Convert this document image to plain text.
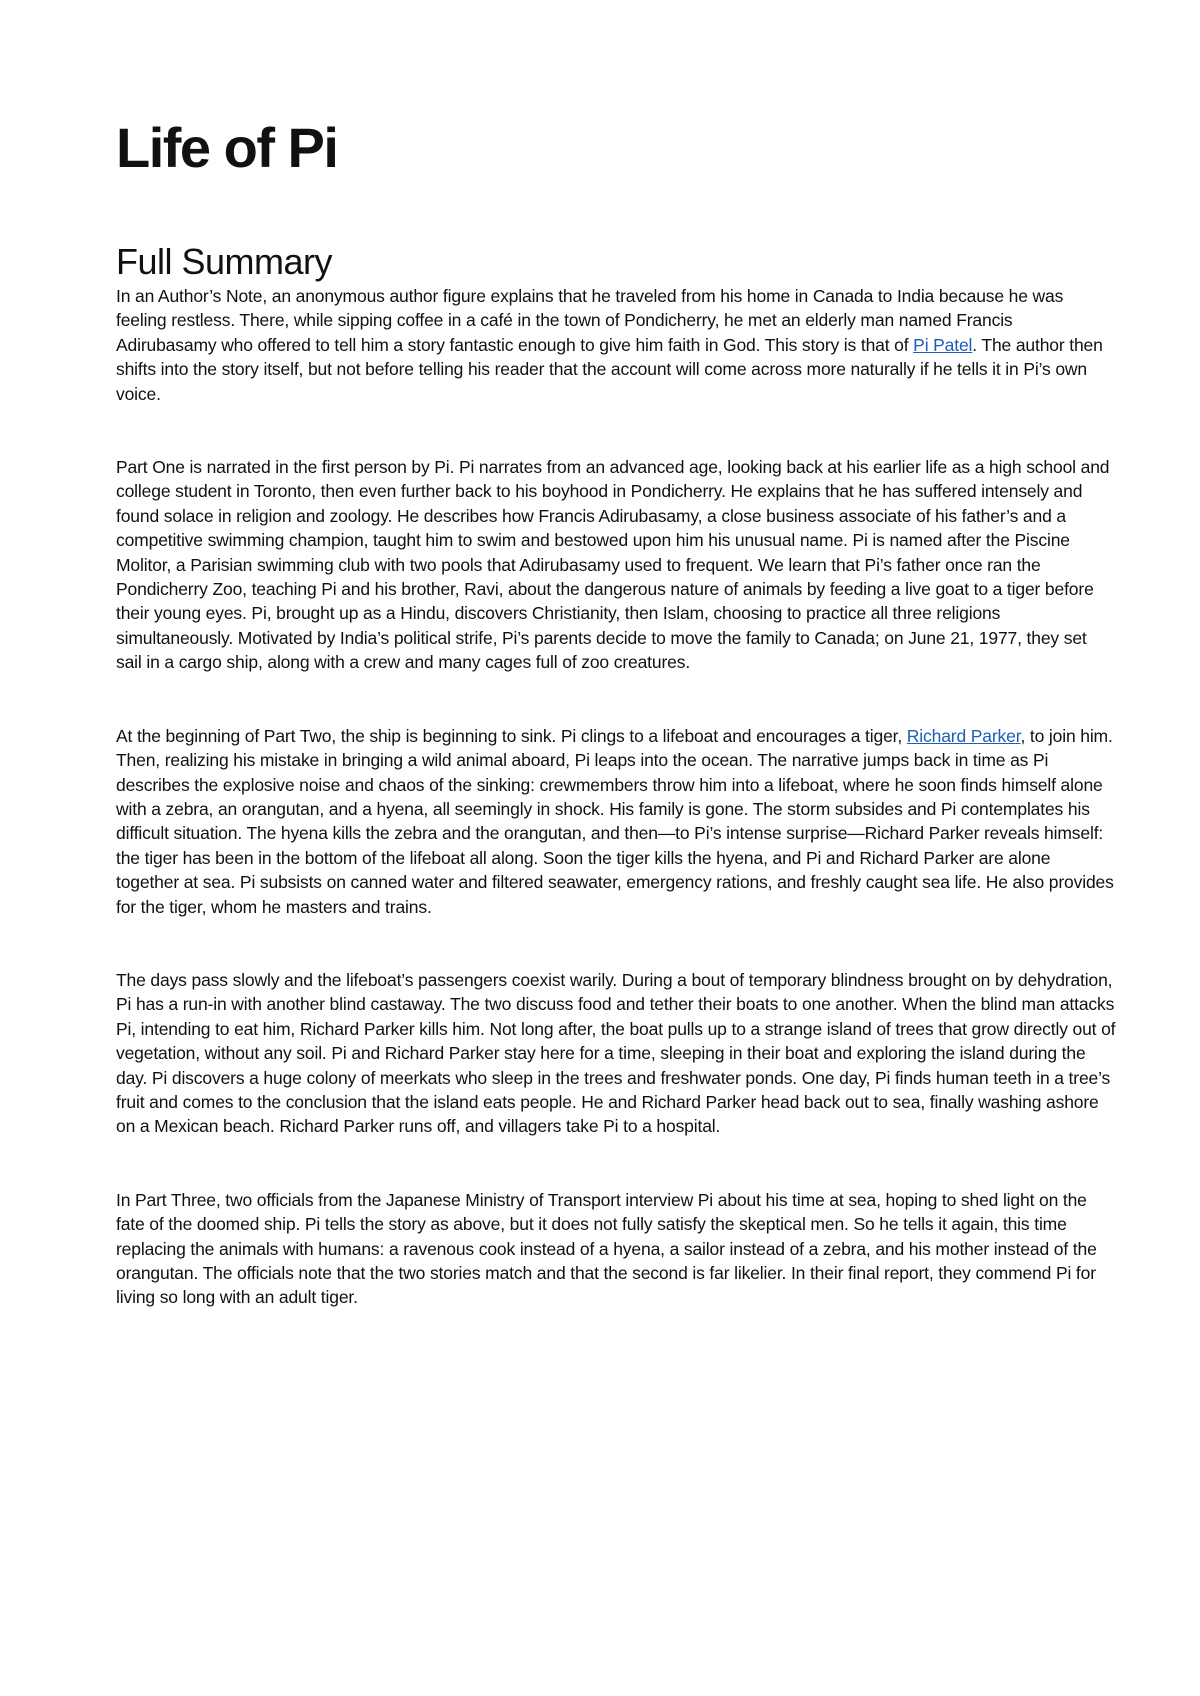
Life of Pi
Full Summary

In an Author’s Note, an anonymous author figure explains that he traveled from his home in Canada to India because he was feeling restless. There, while sipping coffee in a café in the town of Pondicherry, he met an elderly man named Francis Adirubasamy who offered to tell him a story fantastic enough to give him faith in God. This story is that of Pi Patel. The author then shifts into the story itself, but not before telling his reader that the account will come across more naturally if he tells it in Pi’s own voice.

Part One is narrated in the first person by Pi. Pi narrates from an advanced age, looking back at his earlier life as a high school and college student in Toronto, then even further back to his boyhood in Pondicherry. He explains that he has suffered intensely and found solace in religion and zoology. He describes how Francis Adirubasamy, a close business associate of his father’s and a competitive swimming champion, taught him to swim and bestowed upon him his unusual name. Pi is named after the Piscine Molitor, a Parisian swimming club with two pools that Adirubasamy used to frequent. We learn that Pi’s father once ran the Pondicherry Zoo, teaching Pi and his brother, Ravi, about the dangerous nature of animals by feeding a live goat to a tiger before their young eyes. Pi, brought up as a Hindu, discovers Christianity, then Islam, choosing to practice all three religions simultaneously. Motivated by India’s political strife, Pi’s parents decide to move the family to Canada; on June 21, 1977, they set sail in a cargo ship, along with a crew and many cages full of zoo creatures.

At the beginning of Part Two, the ship is beginning to sink. Pi clings to a lifeboat and encourages a tiger, Richard Parker, to join him. Then, realizing his mistake in bringing a wild animal aboard, Pi leaps into the ocean. The narrative jumps back in time as Pi describes the explosive noise and chaos of the sinking: crewmembers throw him into a lifeboat, where he soon finds himself alone with a zebra, an orangutan, and a hyena, all seemingly in shock. His family is gone. The storm subsides and Pi contemplates his difficult situation. The hyena kills the zebra and the orangutan, and then—to Pi’s intense surprise—Richard Parker reveals himself: the tiger has been in the bottom of the lifeboat all along. Soon the tiger kills the hyena, and Pi and Richard Parker are alone together at sea. Pi subsists on canned water and filtered seawater, emergency rations, and freshly caught sea life. He also provides for the tiger, whom he masters and trains.

The days pass slowly and the lifeboat’s passengers coexist warily. During a bout of temporary blindness brought on by dehydration, Pi has a run-in with another blind castaway. The two discuss food and tether their boats to one another. When the blind man attacks Pi, intending to eat him, Richard Parker kills him. Not long after, the boat pulls up to a strange island of trees that grow directly out of vegetation, without any soil. Pi and Richard Parker stay here for a time, sleeping in their boat and exploring the island during the day. Pi discovers a huge colony of meerkats who sleep in the trees and freshwater ponds. One day, Pi finds human teeth in a tree’s fruit and comes to the conclusion that the island eats people. He and Richard Parker head back out to sea, finally washing ashore on a Mexican beach. Richard Parker runs off, and villagers take Pi to a hospital.

In Part Three, two officials from the Japanese Ministry of Transport interview Pi about his time at sea, hoping to shed light on the fate of the doomed ship. Pi tells the story as above, but it does not fully satisfy the skeptical men. So he tells it again, this time replacing the animals with humans: a ravenous cook instead of a hyena, a sailor instead of a zebra, and his mother instead of the orangutan. The officials note that the two stories match and that the second is far likelier. In their final report, they commend Pi for living so long with an adult tiger.
